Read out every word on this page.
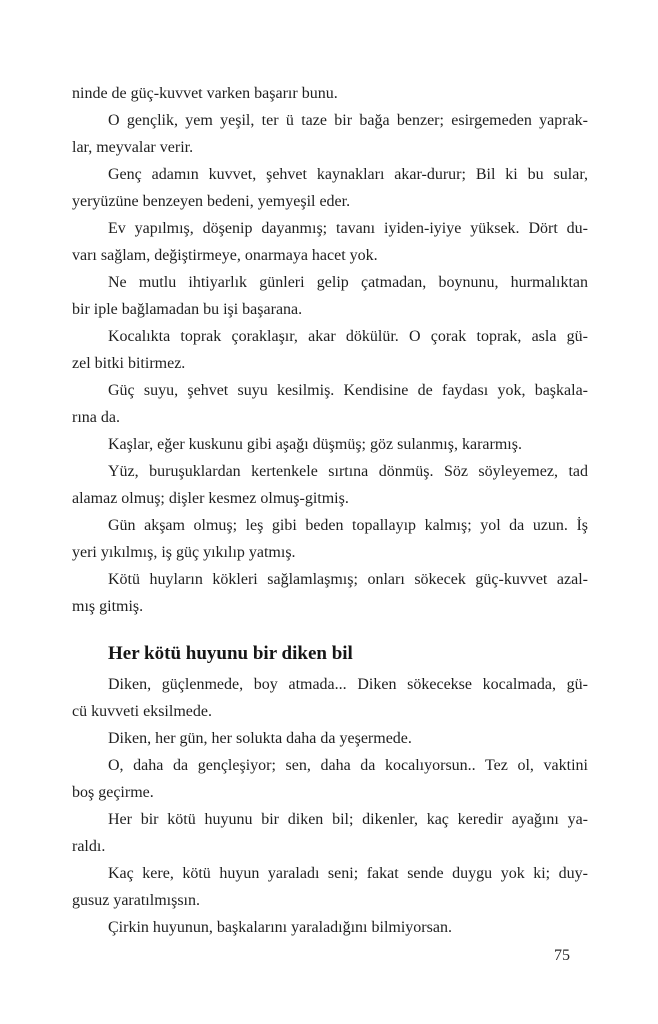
ninde de güç-kuvvet varken başarır bunu.

O gençlik, yem yeşil, ter ü taze bir bağa benzer; esirgemeden yaprak-
lar, meyvalar verir.

Genç adamın kuvvet, şehvet kaynakları akar-durur; Bil ki bu sular,
yeryüzüne benzeyen bedeni, yemyeşil eder.

Ev yapılmış, döşenip dayanmış; tavanı iyiden-iyiye yüksek. Dört du-
varı sağlam, değiştirmeye, onarmaya hacet yok.

Ne mutlu ihtiyarlık günleri gelip çatmadan, boynunu, hurmalıktan
bir iple bağlamadan bu işi başarana.

Kocalıkta toprak çoraklaşır, akar dökülür. O çorak toprak, asla gü-
zel bitki bitirmez.

Güç suyu, şehvet suyu kesilmiş. Kendisine de faydası yok, başkala-
rına da.

Kaşlar, eğer kuskunu gibi aşağı düşmüş; göz sulanmış, kararmış.

Yüz, buruşuklardan kertenkele sırtına dönmüş. Söz söyleyemez, tad
alamaz olmuş; dişler kesmez olmuş-gitmiş.

Gün akşam olmuş; leş gibi beden topallayıp kalmış; yol da uzun. İş
yeri yıkılmış, iş güç yıkılıp yatmış.

Kötü huyların kökleri sağlamlaşmış; onları sökecek güç-kuvvet azal-
mış gitmiş.

Her kötü huyunu bir diken bil

Diken, güçlenmede, boy atmada... Diken sökecekse kocalmada, gü-
cü kuvveti eksilmede.

Diken, her gün, her solukta daha da yeşermede.

O, daha da gençleşiyor; sen, daha da kocalıyorsun.. Tez ol, vaktini
boş geçirme.

Her bir kötü huyunu bir diken bil; dikenler, kaç keredir ayağını ya-
raldı.

Kaç kere, kötü huyun yaraladı seni; fakat sende duygu yok ki; duy-
gusuz yaratılmışsın.

Çirkin huyunun, başkalarını yaraladığını bilmiyorsan.

75
